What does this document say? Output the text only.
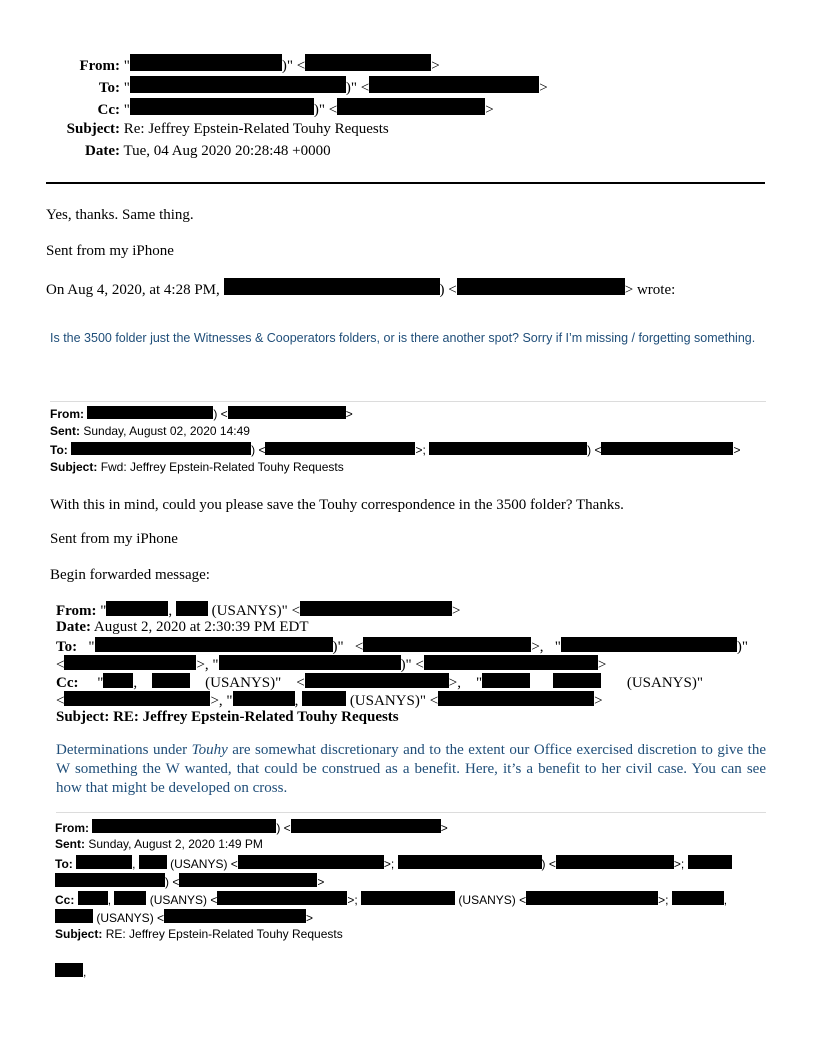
From: "	)" <	>
To: "	)" <	>
Cc: "	)" <	>
Subject: Re: Jeffrey Epstein-Related Touhy Requests
Date: Tue, 04 Aug 2020 20:28:48 +0000
Yes, thanks. Same thing.
Sent from my iPhone
On Aug 4, 2020, at 4:28 PM,	) <	> wrote:
Is the 3500 folder just the Witnesses & Cooperators folders, or is there another spot? Sorry if I’m missing / forgetting something.
From:	) <	>
Sent: Sunday, August 02, 2020 14:49
To:	) <	>;	) <	>
Subject: Fwd: Jeffrey Epstein-Related Touhy Requests
With this in mind, could you please save the Touhy correspondence in the 3500 folder? Thanks.
Sent from my iPhone
Begin forwarded message:
From: "	,  (USANYS)" <	>
Date: August 2, 2020 at 2:30:39 PM EDT
To:   "	)"   <	>,   "	)"
<	>, "	)" <	>
Cc:     " ,	(USANYS)"    <	>,    "	(USANYS)"
<	>, "	,	(USANYS)" <	>
Subject: RE: Jeffrey Epstein-Related Touhy Requests
Determinations under Touhy are somewhat discretionary and to the extent our Office exercised discretion to give the W something the W wanted, that could be construed as a benefit. Here, it’s a benefit to her civil case. You can see how that might be developed on cross.
From:	) <	>
Sent: Sunday, August 2, 2020 1:49 PM
To:	,	(USANYS) <	>;	) <	>;
) <	>
Cc:	,	(USANYS) <	>;	(USANYS) <	>;	,
(USANYS) <	>
Subject: RE: Jeffrey Epstein-Related Touhy Requests
,
